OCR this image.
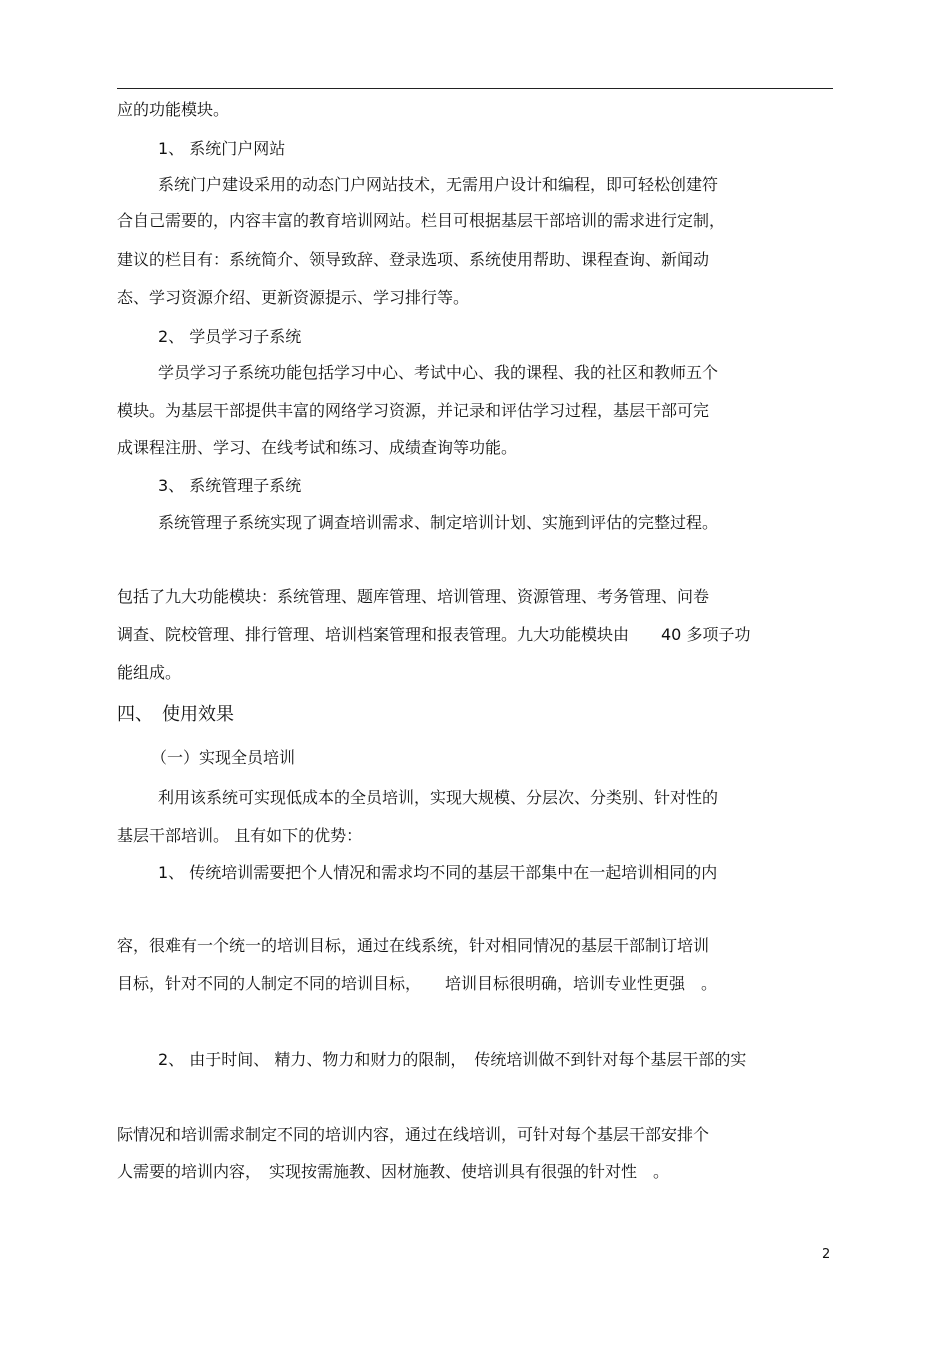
应的功能模块。
1、 系统门户网站
系统门户建设采用的动态门户网站技术，无需用户设计和编程，即可轻松创建符
合自己需要的，内容丰富的教育培训网站。栏目可根据基层干部培训的需求进行定制，
建议的栏目有：系统简介、领导致辞、登录选项、系统使用帮助、课程查询、新闻动
态、学习资源介绍、更新资源提示、学习排行等。
2、 学员学习子系统
学员学习子系统功能包括学习中心、考试中心、我的课程、我的社区和教师五个
模块。为基层干部提供丰富的网络学习资源，并记录和评估学习过程，基层干部可完
成课程注册、学习、在线考试和练习、成绩查询等功能。
3、 系统管理子系统
系统管理子系统实现了调查培训需求、制定培训计划、实施到评估的完整过程。
包括了九大功能模块：系统管理、题库管理、培训管理、资源管理、考务管理、问卷
调查、院校管理、排行管理、培训档案管理和报表管理。九大功能模块由　　40 多项子功
能组成。
四、　使用效果
（一）实现全员培训
利用该系统可实现低成本的全员培训，实现大规模、分层次、分类别、针对性的
基层干部培训。 且有如下的优势：
1、 传统培训需要把个人情况和需求均不同的基层干部集中在一起培训相同的内
容，很难有一个统一的培训目标，通过在线系统，针对相同情况的基层干部制订培训
目标，针对不同的人制定不同的培训目标，　　培训目标很明确，培训专业性更强　。
2、 由于时间、 精力、物力和财力的限制，　传统培训做不到针对每个基层干部的实
际情况和培训需求制定不同的培训内容，通过在线培训，可针对每个基层干部安排个
人需要的培训内容，　实现按需施教、因材施教、使培训具有很强的针对性　。
2
